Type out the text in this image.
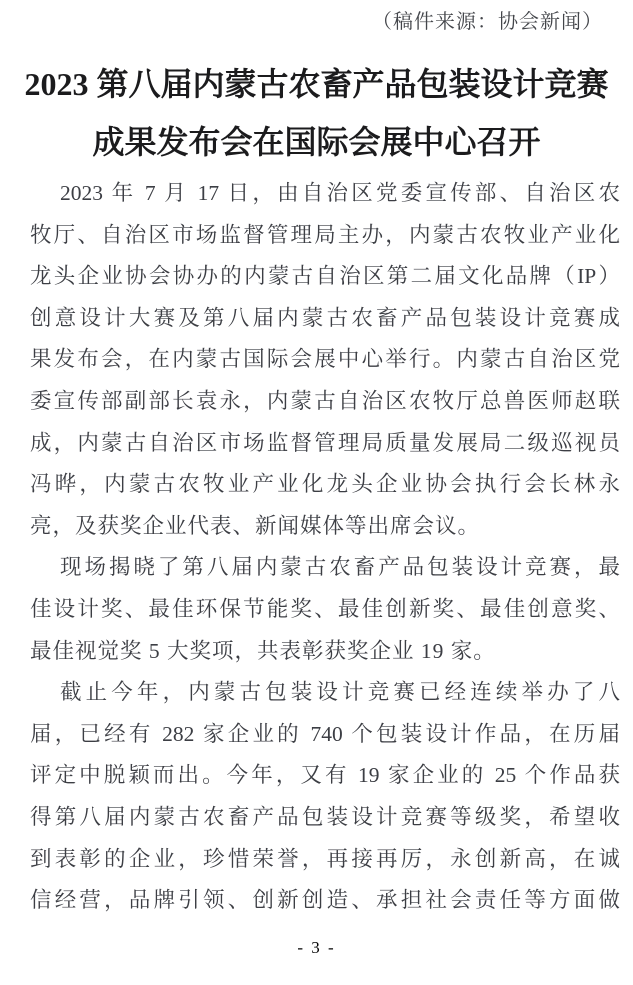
（稿件来源：协会新闻）
2023 第八届内蒙古农畜产品包装设计竞赛
成果发布会在国际会展中心召开
2023 年 7 月 17 日，由自治区党委宣传部、自治区农
牧厅、自治区市场监督管理局主办，内蒙古农牧业产业化
龙头企业协会协办的内蒙古自治区第二届文化品牌（IP）
创意设计大赛及第八届内蒙古农畜产品包装设计竞赛成
果发布会，在内蒙古国际会展中心举行。内蒙古自治区党
委宣传部副部长袁永，内蒙古自治区农牧厅总兽医师赵联
成，内蒙古自治区市场监督管理局质量发展局二级巡视员
冯晔，内蒙古农牧业产业化龙头企业协会执行会长林永
亮，及获奖企业代表、新闻媒体等出席会议。
现场揭晓了第八届内蒙古农畜产品包装设计竞赛，最
佳设计奖、最佳环保节能奖、最佳创新奖、最佳创意奖、
最佳视觉奖 5 大奖项，共表彰获奖企业 19 家。
截止今年，内蒙古包装设计竞赛已经连续举办了八
届，已经有 282 家企业的 740 个包装设计作品，在历届
评定中脱颖而出。今年，又有 19 家企业的 25 个作品获
得第八届内蒙古农畜产品包装设计竞赛等级奖，希望收
到表彰的企业，珍惜荣誉，再接再厉，永创新高，在诚
信经营，品牌引领、创新创造、承担社会责任等方面做
- 3 -
